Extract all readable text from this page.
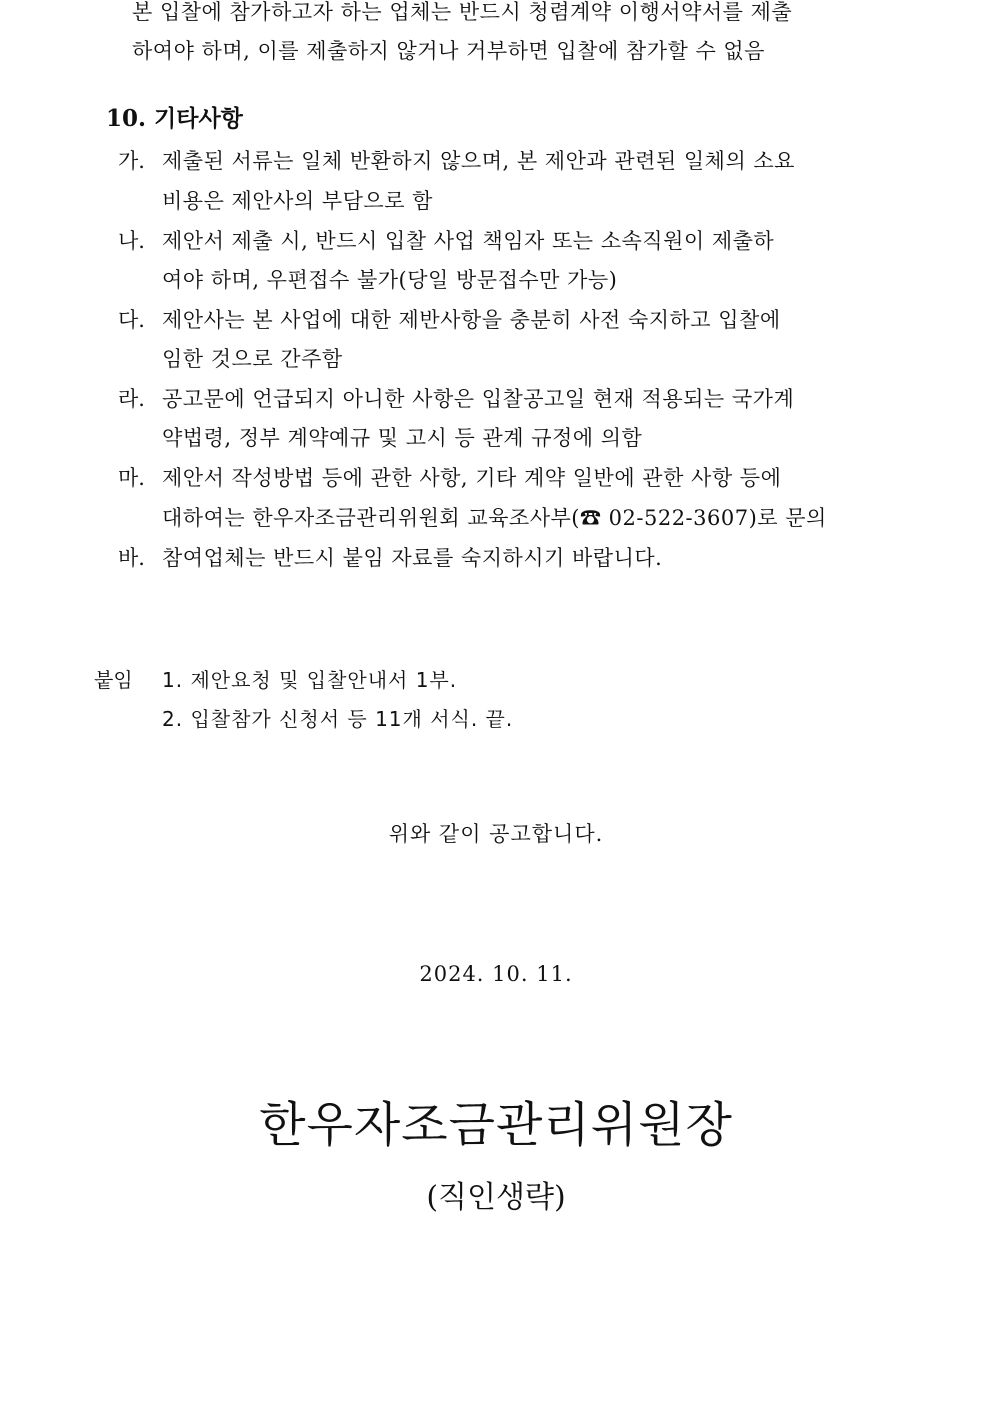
본 입찰에 참가하고자 하는 업체는 반드시 청렴계약 이행서약서를 제출
하여야 하며, 이를 제출하지 않거나 거부하면 입찰에 참가할 수 없음
10. 기타사항
가. 제출된 서류는 일체 반환하지 않으며, 본 제안과 관련된 일체의 소요
비용은 제안사의 부담으로 함
나. 제안서 제출 시, 반드시 입찰 사업 책임자 또는 소속직원이 제출하
여야 하며, 우편접수 불가(당일 방문접수만 가능)
다. 제안사는 본 사업에 대한 제반사항을 충분히 사전 숙지하고 입찰에
임한 것으로 간주함
라. 공고문에 언급되지 아니한 사항은 입찰공고일 현재 적용되는 국가계
약법령, 정부 계약예규 및 고시 등 관계 규정에 의함
마. 제안서 작성방법 등에 관한 사항, 기타 계약 일반에 관한 사항 등에
대하여는 한우자조금관리위원회 교육조사부(☎ 02-522-3607)로 문의
바. 참여업체는 반드시 붙임 자료를 숙지하시기 바랍니다.
붙임 1. 제안요청 및 입찰안내서 1부.
2. 입찰참가 신청서 등 11개 서식. 끝.
위와 같이 공고합니다.
2024. 10. 11.
한우자조금관리위원장
(직인생략)
